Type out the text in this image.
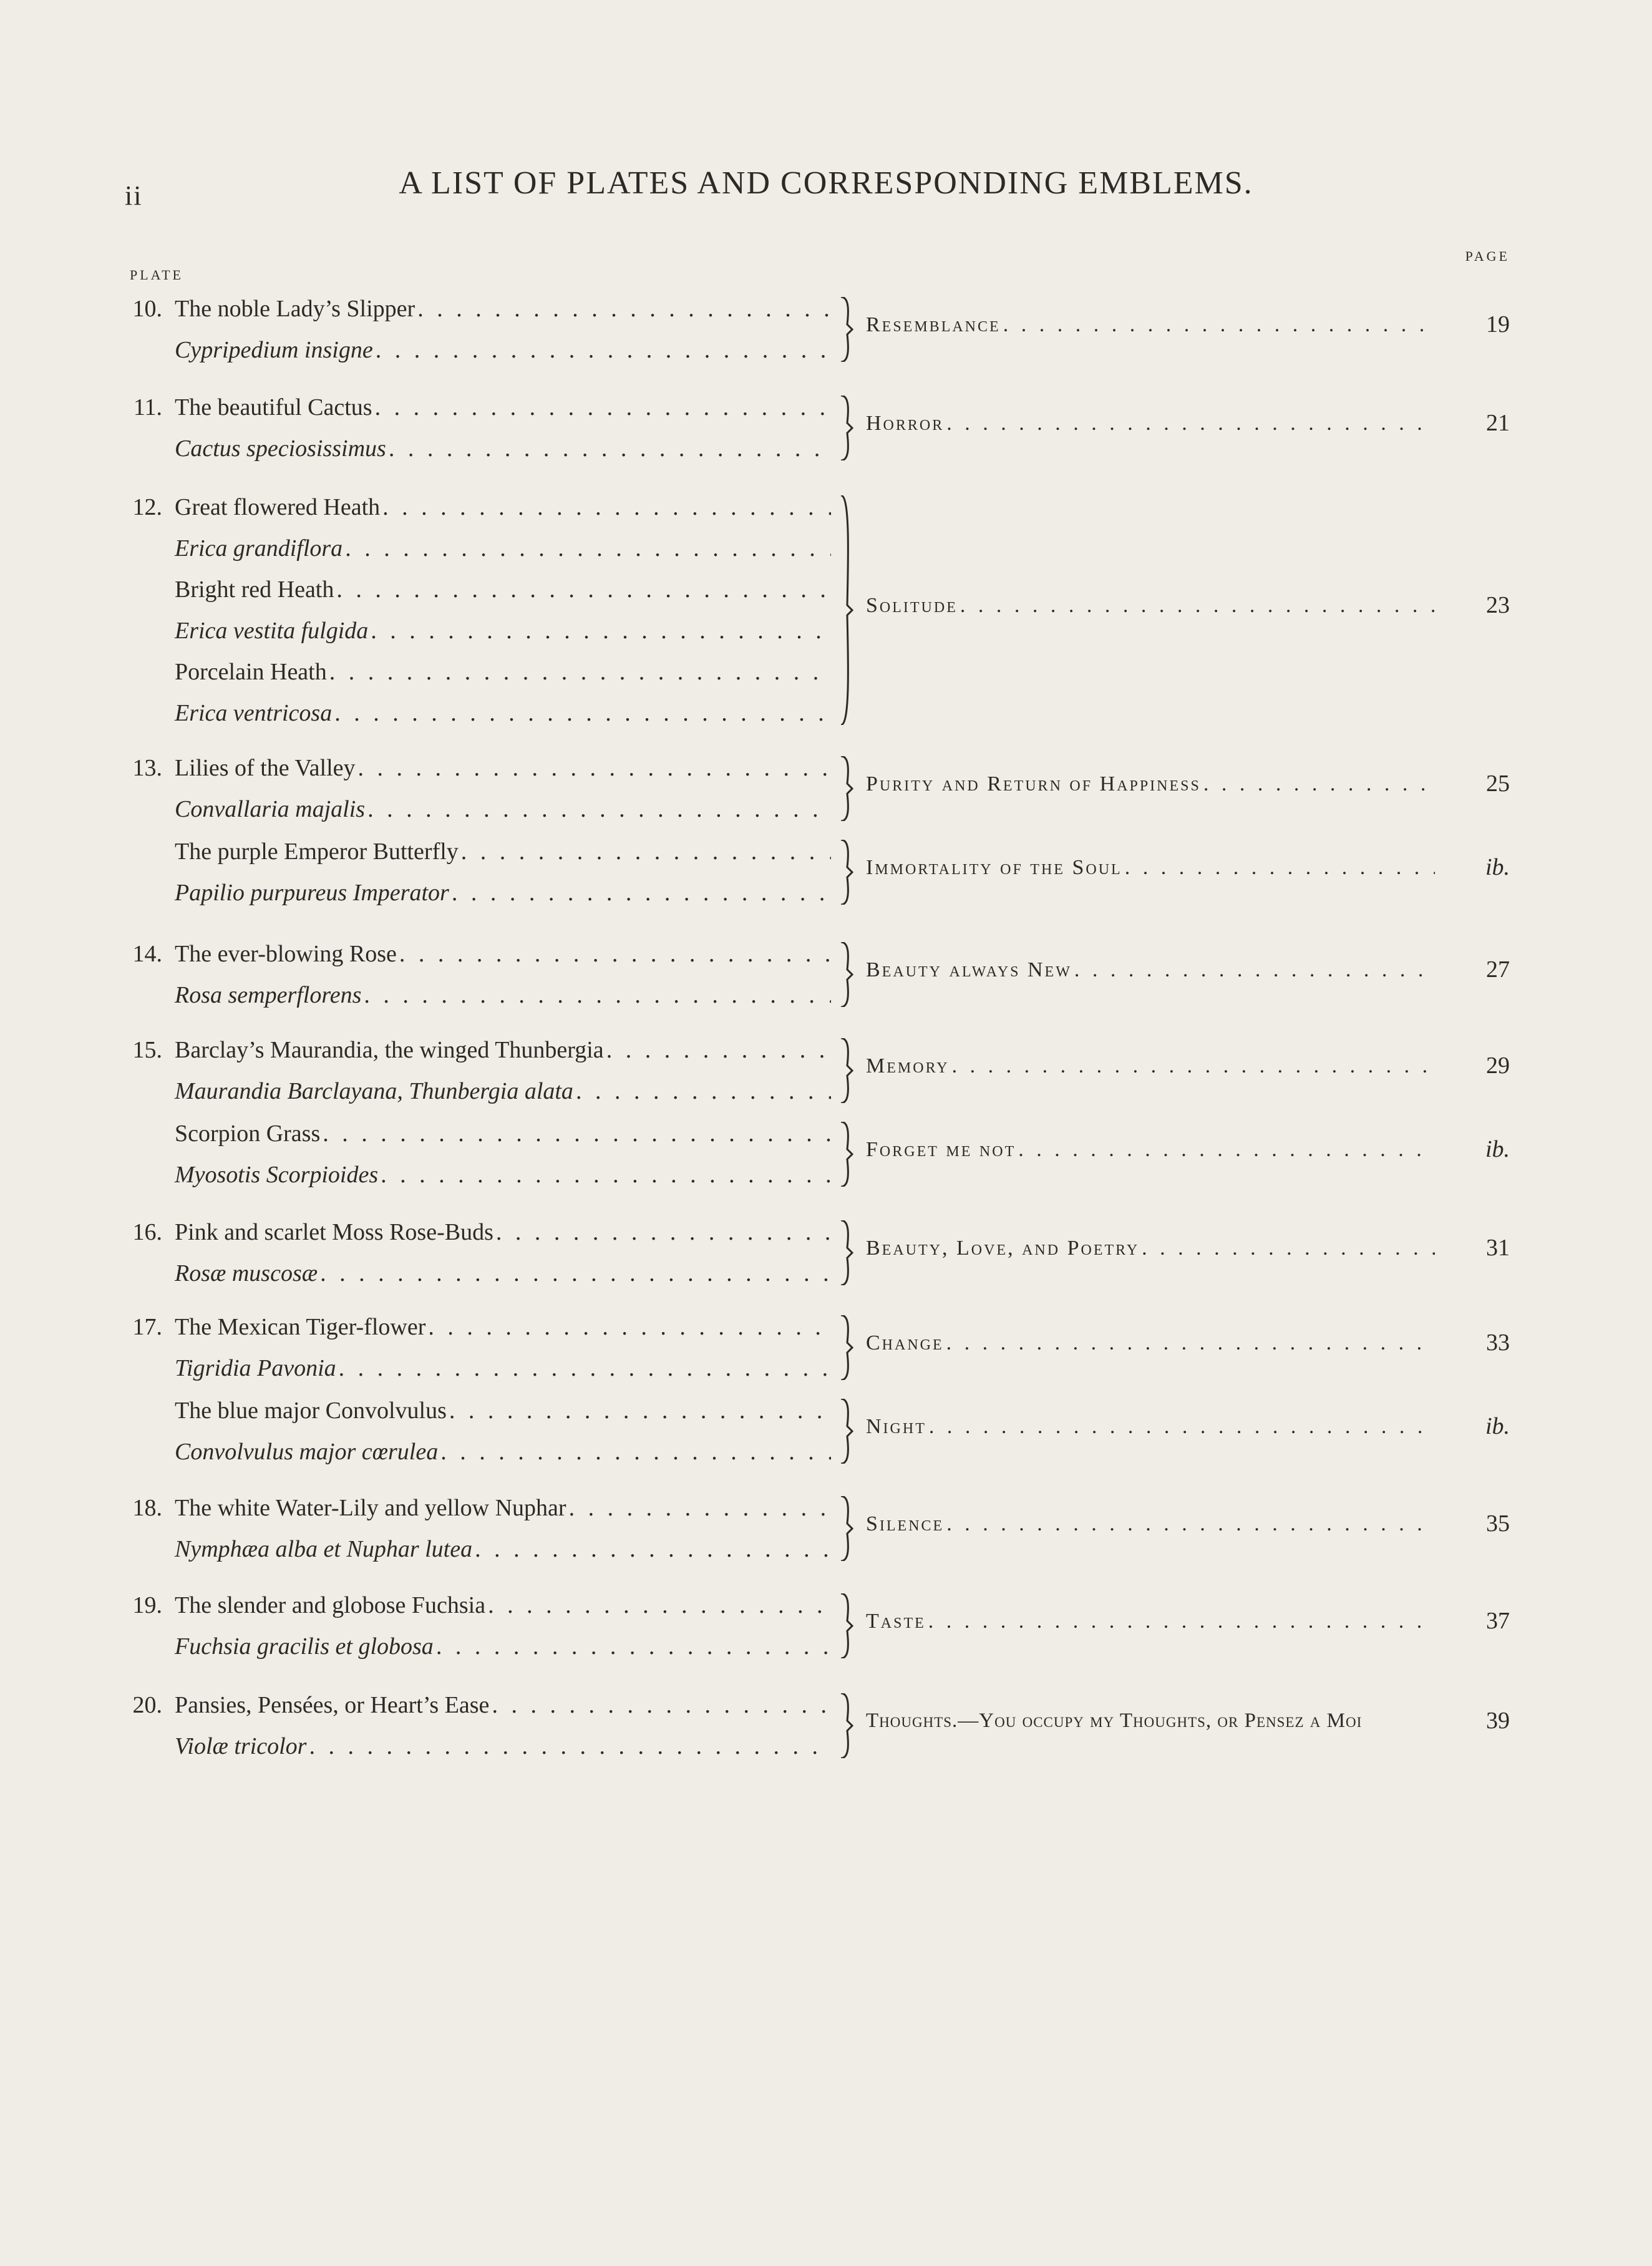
ii	A LIST OF PLATES AND CORRESPONDING EMBLEMS.
PLATE
PAGE
10. The noble Lady’s Slipper
. . .
Cypripedium insigne
. . .
Resemblance . . .	19
11. The beautiful Cactus
. . .
Cactus speciosissimus
. . .
Horror . . .	21
12. Great flowered Heath
. . .
Erica grandiflora
. . .
Bright red Heath
. . .
Erica vestita fulgida
. . .
Porcelain Heath
. . .
Erica ventricosa
. . .
Solitude . . .	23
13. Lilies of the Valley
. . .
Convallaria majalis
. . .
Purity and Return of Happiness . . .	25
The purple Emperor Butterfly
. . .
Papilio purpureus Imperator
. . .
Immortality of the Soul . . .	ib.
14. The ever-blowing Rose
. . .
Rosa semperflorens
. . .
Beauty always New . . .	27
15. Barclay’s Maurandia, the winged Thunbergia
. . .
Maurandia Barclayana, Thunbergia alata
. . .
Memory . . .	29
Scorpion Grass
. . .
Myosotis Scorpioides
. . .
Forget me not . . .	ib.
16. Pink and scarlet Moss Rose-Buds
. . .
Rosæ muscosæ
. . .
Beauty, Love, and Poetry . . .	31
17. The Mexican Tiger-flower
. . .
Tigridia Pavonia
. . .
Change . . .	33
The blue major Convolvulus
. . .
Convolvulus major cœrulea
. . .
Night . . .	ib.
18. The white Water-Lily and yellow Nuphar
. . .
Nymphæa alba et Nuphar lutea
. . .
Silence . . .	35
19. The slender and globose Fuchsia
. . .
Fuchsia gracilis et globosa
. . .
Taste . . .	37
20. Pansies, Pensées, or Heart’s Ease
. . .
Violæ tricolor
. . .
Thoughts.—You occupy my Thoughts, or Pensez a Moi	39
